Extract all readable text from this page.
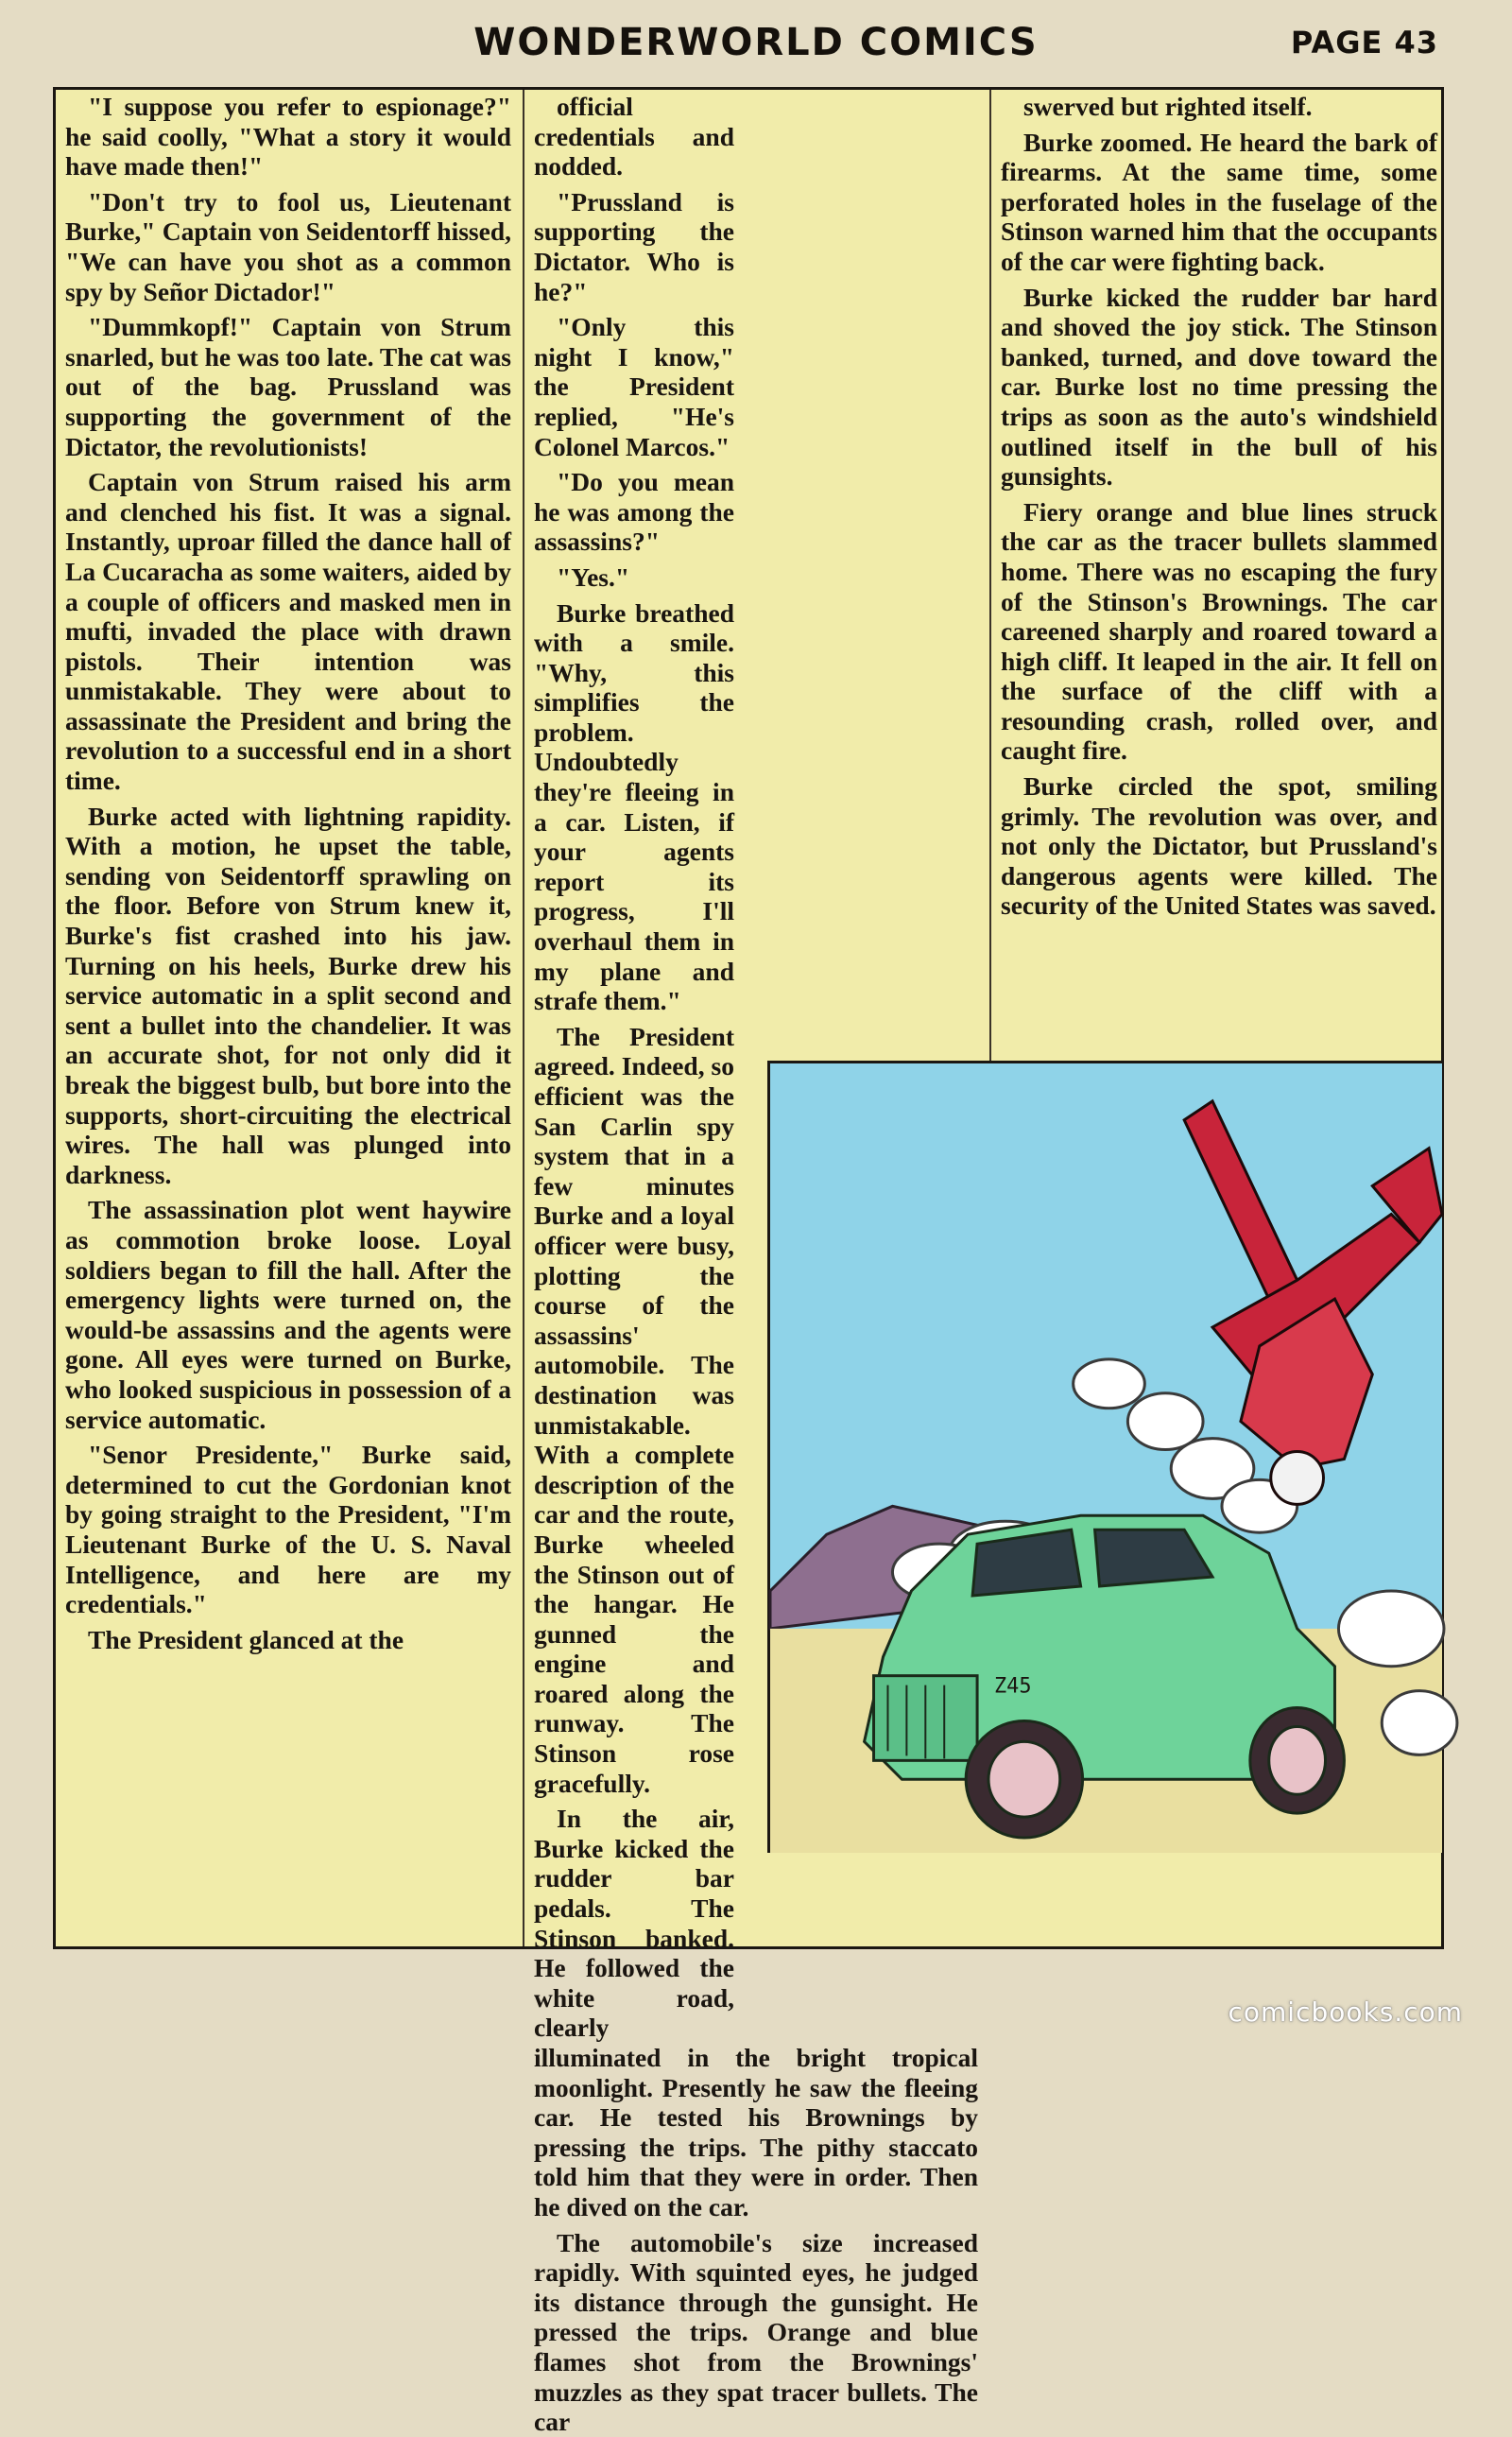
WONDERWORLD COMICS	PAGE 43

"I suppose you refer to espionage?" he said coolly, "What a story it would have made then!"

"Don't try to fool us, Lieutenant Burke," Captain von Seidentorff hissed, "We can have you shot as a common spy by Señor Dictador!"

"Dummkopf!" Captain von Strum snarled, but he was too late. The cat was out of the bag. Prussland was supporting the government of the Dictator, the revolutionists!

Captain von Strum raised his arm and clenched his fist. It was a signal. Instantly, uproar filled the dance hall of La Cucaracha as some waiters, aided by a couple of officers and masked men in mufti, invaded the place with drawn pistols. Their intention was unmistakable. They were about to assassinate the President and bring the revolution to a successful end in a short time.

Burke acted with lightning rapidity. With a motion, he upset the table, sending von Seidentorff sprawling on the floor. Before von Strum knew it, Burke's fist crashed into his jaw. Turning on his heels, Burke drew his service automatic in a split second and sent a bullet into the chandelier. It was an accurate shot, for not only did it break the biggest bulb, but bore into the supports, short-circuiting the electrical wires. The hall was plunged into darkness.

The assassination plot went haywire as commotion broke loose. Loyal soldiers began to fill the hall. After the emergency lights were turned on, the would-be assassins and the agents were gone. All eyes were turned on Burke, who looked suspicious in possession of a service automatic.

"Senor Presidente," Burke said, determined to cut the Gordonian knot by going straight to the President, "I'm Lieutenant Burke of the U. S. Naval Intelligence, and here are my credentials."

The President glanced at the

official credentials and nodded.

"Prussland is supporting the Dictator. Who is he?"

"Only this night I know," the President replied, "He's Colonel Marcos."

"Do you mean he was among the assassins?"

"Yes."

Burke breathed with a smile. "Why, this simplifies the problem. Undoubtedly they're fleeing in a car. Listen, if your agents report its progress, I'll overhaul them in my plane and strafe them."

The President agreed. Indeed, so efficient was the San Carlin spy system that in a few minutes Burke and a loyal officer were busy, plotting the course of the assassins' automobile. The destination was unmistakable. With a complete description of the car and the route, Burke wheeled the Stinson out of the hangar. He gunned the engine and roared along the runway. The Stinson rose gracefully.

In the air, Burke kicked the rudder bar pedals. The Stinson banked. He followed the white road, clearly illuminated in the bright tropical moonlight. Presently he saw the fleeing car. He tested his Brownings by pressing the trips. The pithy staccato told him that they were in order. Then he dived on the car.

The automobile's size increased rapidly. With squinted eyes, he judged its distance through the gunsight. He pressed the trips. Orange and blue flames shot from the Brownings' muzzles as they spat tracer bullets. The car

swerved but righted itself.

Burke zoomed. He heard the bark of firearms. At the same time, some perforated holes in the fuselage of the Stinson warned him that the occupants of the car were fighting back.

Burke kicked the rudder bar hard and shoved the joy stick. The Stinson banked, turned, and dove toward the car. Burke lost no time pressing the trips as soon as the auto's windshield outlined itself in the bull of his gunsights.

Fiery orange and blue lines struck the car as the tracer bullets slammed home. There was no escaping the fury of the Stinson's Brownings. The car careened sharply and roared toward a high cliff. It leaped in the air. It fell on the surface of the cliff with a resounding crash, rolled over, and caught fire.

Burke circled the spot, smiling grimly. The revolution was over, and not only the Dictator, but Prussland's dangerous agents were killed. The security of the United States was saved.

Z45
comicbooks.com
